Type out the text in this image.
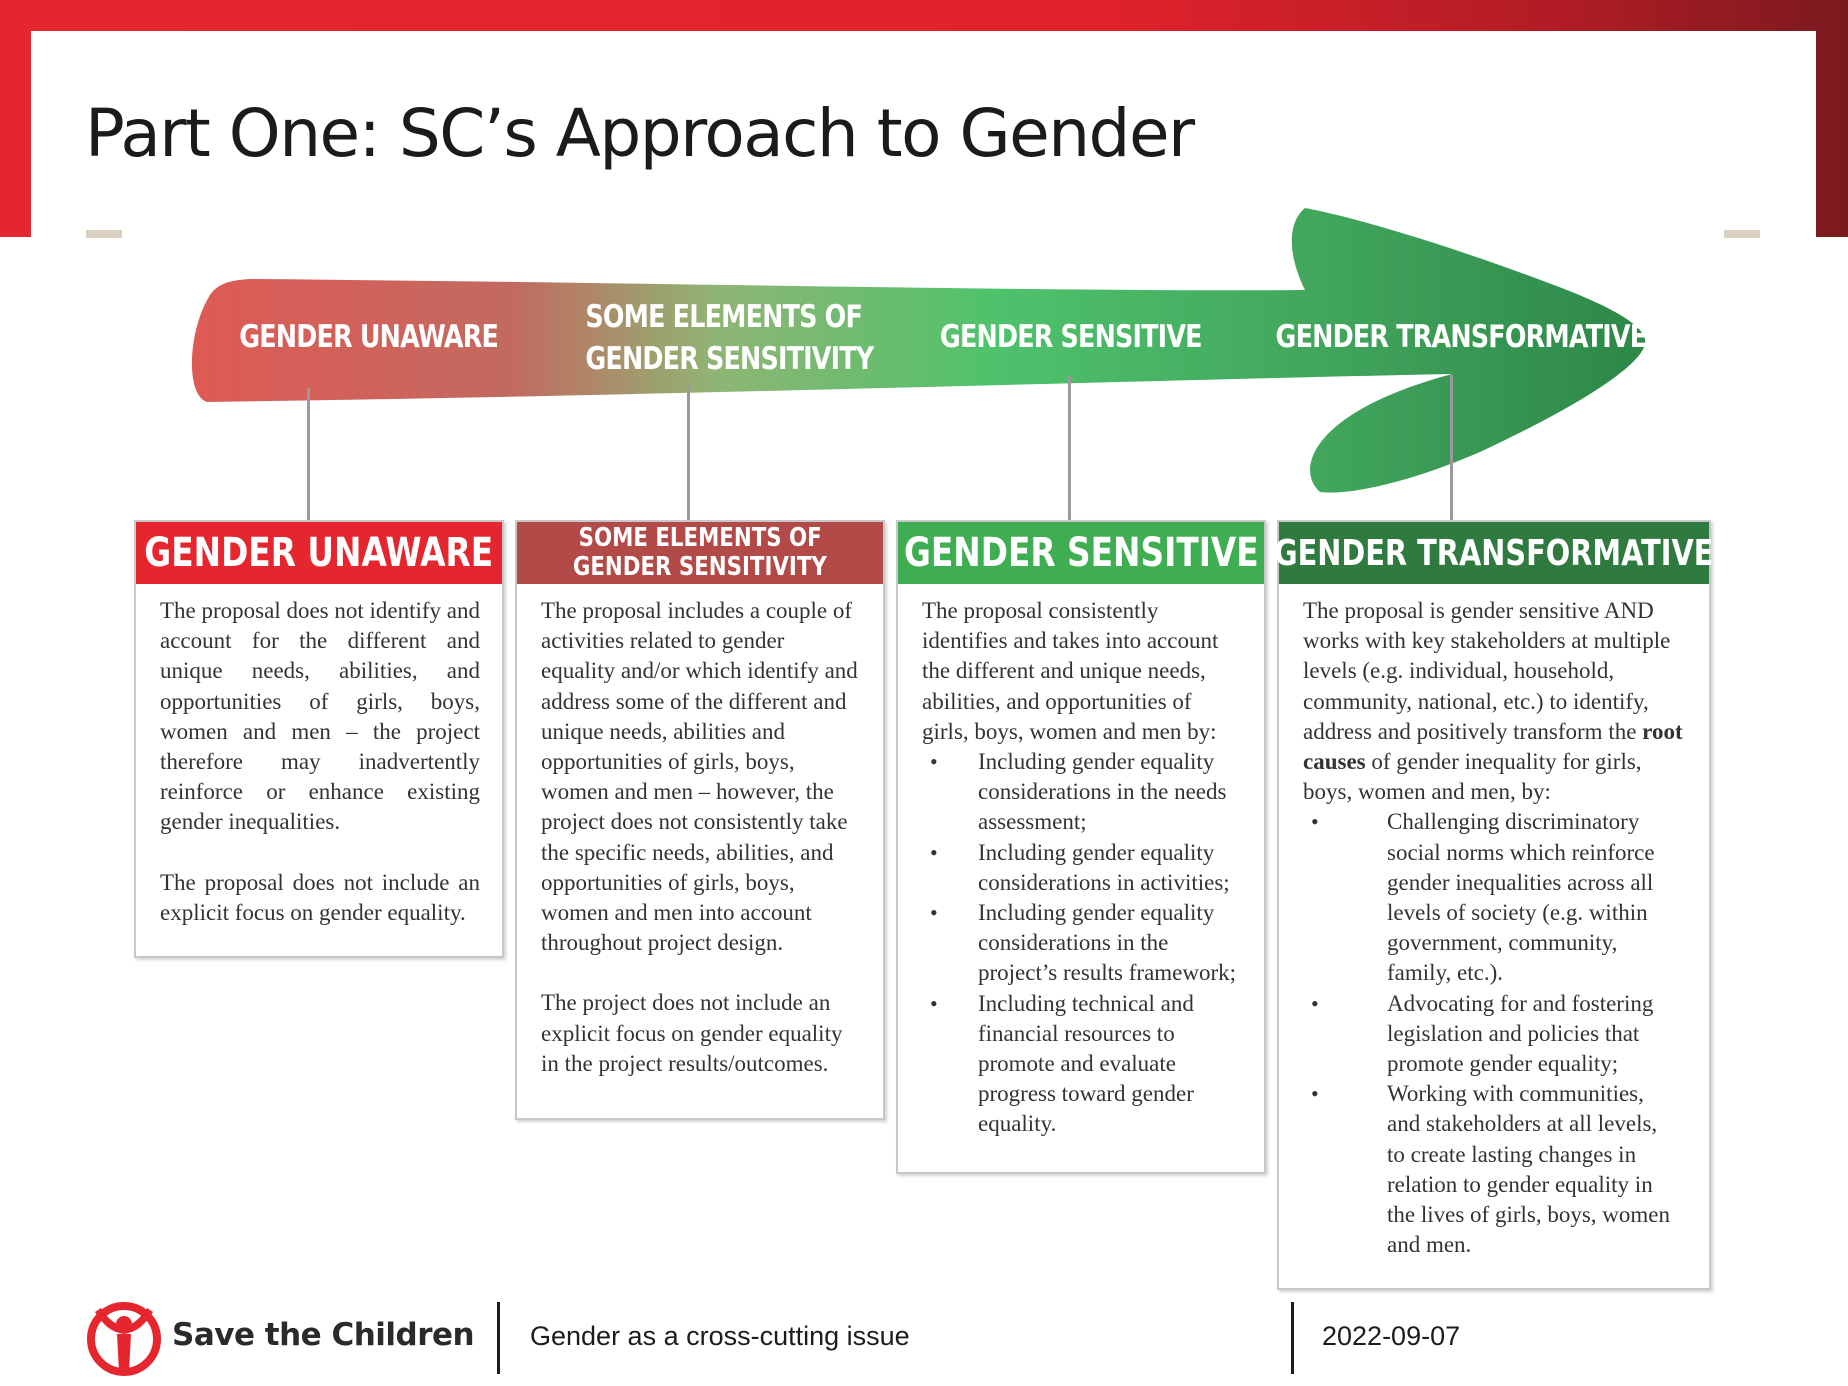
Part One: SC’s Approach to Gender
GENDER UNAWARE
SOME ELEMENTS OF
GENDER SENSITIVITY
GENDER SENSITIVE GENDER TRANSFORMATIVE
GENDER UNAWARE

The proposal does not identify and account for the different and unique needs, abilities, and opportunities of girls, boys, women and men – the project therefore may inadvertently reinforce or enhance existing gender inequalities.

The proposal does not include an explicit focus on gender equality.

SOME ELEMENTS OF
GENDER SENSITIVITY

The proposal includes a couple of activities related to gender equality and/or which identify and address some of the different and unique needs, abilities and opportunities of girls, boys, women and men – however, the project does not consistently take the specific needs, abilities, and opportunities of girls, boys, women and men into account throughout project design.

The project does not include an explicit focus on gender equality in the project results/outcomes.

GENDER SENSITIVE

The proposal consistently identifies and takes into account the different and unique needs, abilities, and opportunities of girls, boys, women and men by:

• Including gender equality considerations in the needs assessment;
• Including gender equality considerations in activities;
• Including gender equality considerations in the project’s results framework;
• Including technical and financial resources to promote and evaluate progress toward gender equality.
GENDER TRANSFORMATIVE

The proposal is gender sensitive AND works with key stakeholders at multiple levels (e.g. individual, household, community, national, etc.) to identify, address and positively transform the root causes of gender inequality for girls, boys, women and men, by:

• Challenging discriminatory social norms which reinforce gender inequalities across all levels of society (e.g. within government, community, family, etc.).
• Advocating for and fostering legislation and policies that promote gender equality;
• Working with communities, and stakeholders at all levels, to create lasting changes in relation to gender equality in the lives of girls, boys, women and men.
Save the Children Gender as a cross-cutting issue	2022-09-07
